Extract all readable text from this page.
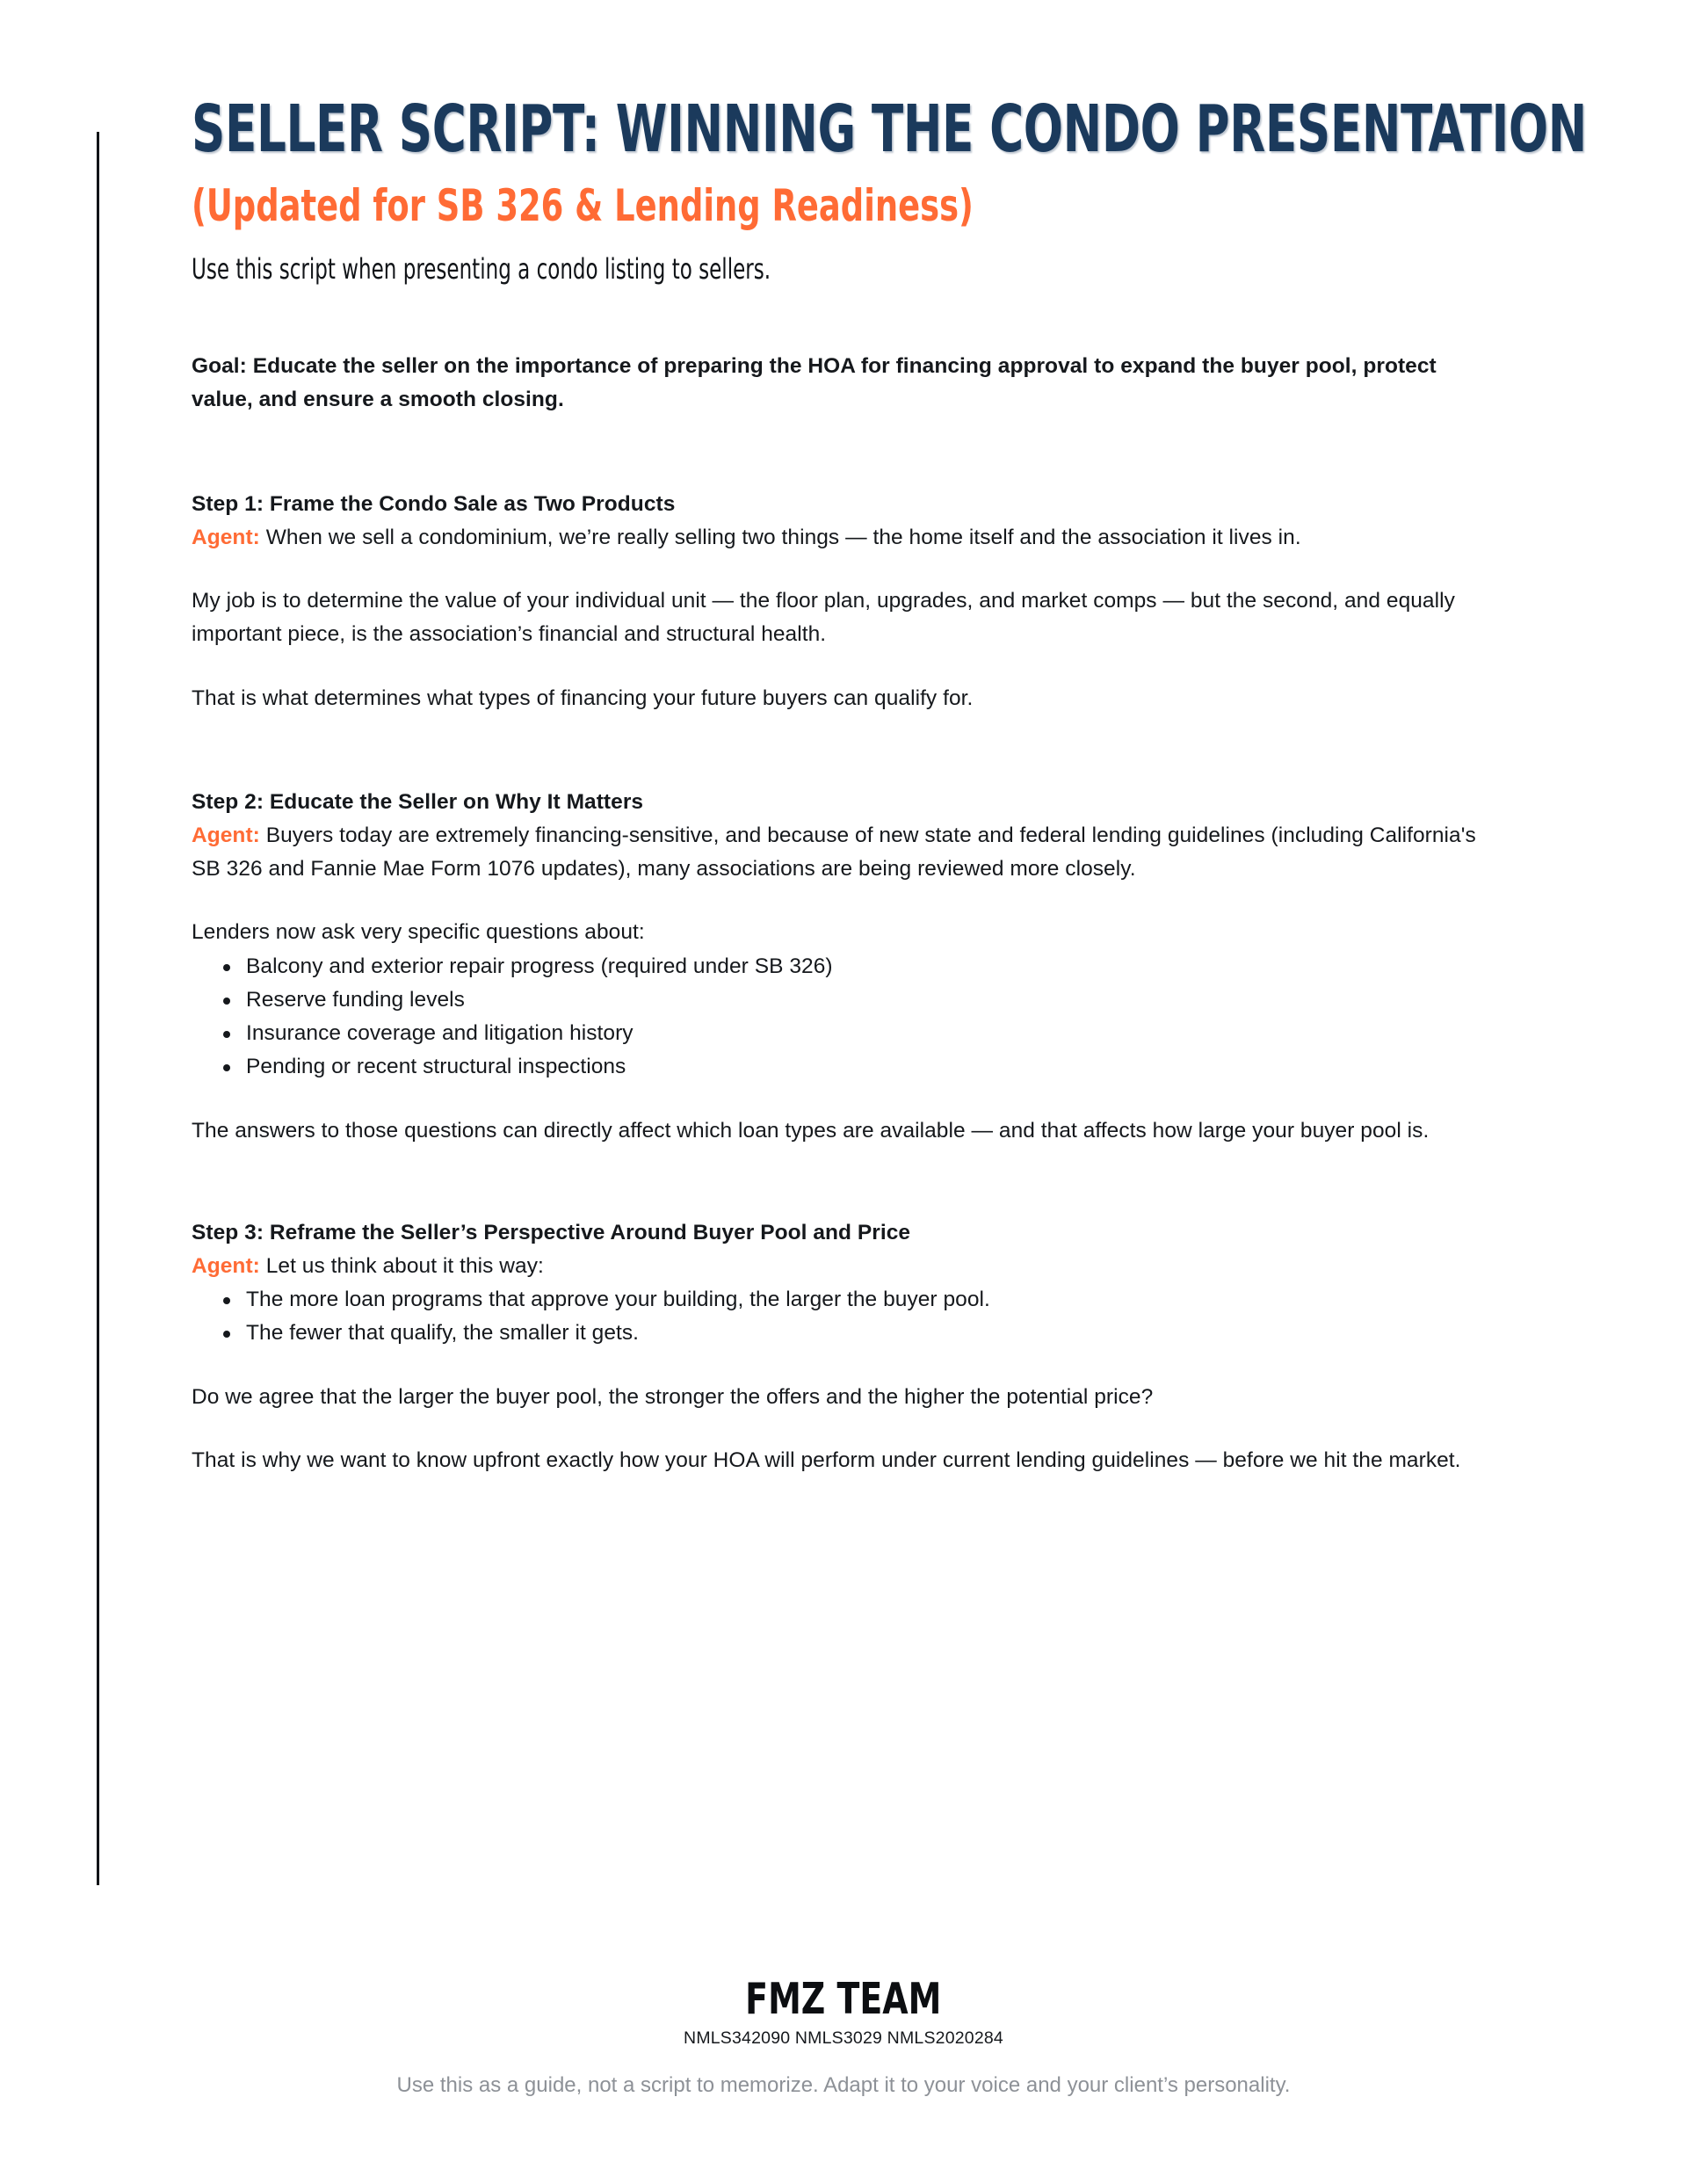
SELLER SCRIPT: WINNING THE CONDO PRESENTATION
(Updated for SB 326 & Lending Readiness)

Use this script when presenting a condo listing to sellers.

Goal: Educate the seller on the importance of preparing the HOA for financing approval to expand the buyer pool, protect value, and ensure a smooth closing.

Step 1: Frame the Condo Sale as Two Products

Agent: When we sell a condominium, we’re really selling two things — the home itself and the association it lives in.

My job is to determine the value of your individual unit — the floor plan, upgrades, and market comps — but the second, and equally important piece, is the association’s financial and structural health.

That is what determines what types of financing your future buyers can qualify for.

Step 2: Educate the Seller on Why It Matters

Agent: Buyers today are extremely financing-sensitive, and because of new state and federal lending guidelines (including California's SB 326 and Fannie Mae Form 1076 updates), many associations are being reviewed more closely.

Lenders now ask very specific questions about:

Balcony and exterior repair progress (required under SB 326)
Reserve funding levels
Insurance coverage and litigation history
Pending or recent structural inspections

The answers to those questions can directly affect which loan types are available — and that affects how large your buyer pool is.

Step 3: Reframe the Seller’s Perspective Around Buyer Pool and Price

Agent: Let us think about it this way:

The more loan programs that approve your building, the larger the buyer pool.
The fewer that qualify, the smaller it gets.

Do we agree that the larger the buyer pool, the stronger the offers and the higher the potential price?

That is why we want to know upfront exactly how your HOA will perform under current lending guidelines — before we hit the market.

FMZ TEAM
NMLS342090 NMLS3029 NMLS2020284
Use this as a guide, not a script to memorize. Adapt it to your voice and your client’s personality.
